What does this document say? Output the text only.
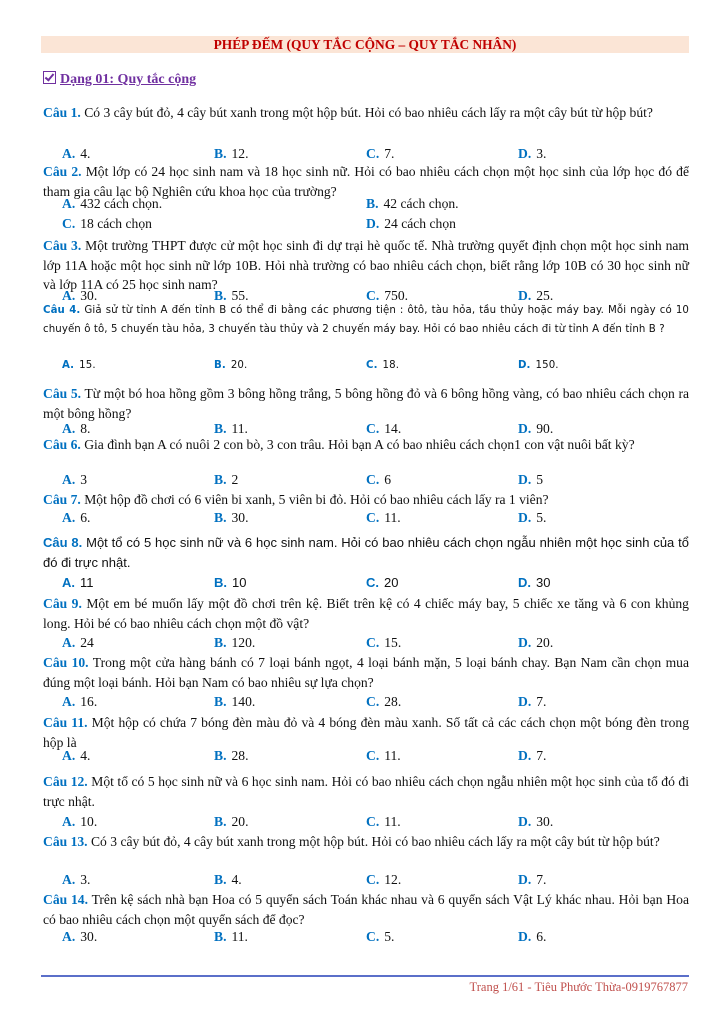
PHÉP ĐẾM (QUY TẮC CỘNG – QUY TẮC NHÂN)
Dạng 01: Quy tắc cộng
Câu 1. Có 3 cây bút đỏ, 4 cây bút xanh trong một hộp bút. Hỏi có bao nhiêu cách lấy ra một cây bút từ hộp bút?
A. 4.	B. 12.	C. 7.	D. 3.
Câu 2. Một lớp có 24 học sinh nam và 18 học sinh nữ. Hỏi có bao nhiêu cách chọn một học sinh của lớp học đó để tham gia câu lạc bộ Nghiên cứu khoa học của trường?
A. 432 cách chọn.	B. 42 cách chọn.
C. 18 cách chọn	D. 24 cách chọn
Câu 3. Một trường THPT được cử một học sinh đi dự trại hè quốc tế. Nhà trường quyết định chọn một học sinh nam lớp 11A hoặc một học sinh nữ lớp 10B. Hỏi nhà trường có bao nhiêu cách chọn, biết rằng lớp 10B có 30 học sinh nữ và lớp 11A có 25 học sinh nam?
A. 30.	B. 55.	C. 750.	D. 25.
Câu 4. Giả sử từ tỉnh A đến tỉnh B có thể đi bằng các phương tiện : ôtô, tàu hỏa, tầu thủy hoặc máy bay. Mỗi ngày có 10 chuyến ô tô, 5 chuyến tàu hỏa, 3 chuyến tàu thủy và 2 chuyến máy bay. Hỏi có bao nhiêu cách đi từ tỉnh A đến tỉnh B ?
A. 15.	B. 20.	C. 18.	D. 150.
Câu 5. Từ một bó hoa hồng gồm 3 bông hồng trắng, 5 bông hồng đỏ và 6 bông hồng vàng, có bao nhiêu cách chọn ra một bông hồng?
A. 8.	B. 11.	C. 14.	D. 90.
Câu 6. Gia đình bạn A có nuôi 2 con bò, 3 con trâu. Hỏi bạn A có bao nhiêu cách chọn1 con vật nuôi bất kỳ?
A. 3	B. 2	C. 6	D. 5
Câu 7. Một hộp đồ chơi có 6 viên bi xanh, 5 viên bi đỏ. Hỏi có bao nhiêu cách lấy ra 1 viên?
A. 6.	B. 30.	C. 11.	D. 5.
Câu 8. Một tổ có 5 học sinh nữ và 6 học sinh nam. Hỏi có bao nhiêu cách chọn ngẫu nhiên một học sinh của tổ đó đi trực nhật.
A. 11	B. 10	C. 20	D. 30
Câu 9. Một em bé muốn lấy một đồ chơi trên kệ. Biết trên kệ có 4 chiếc máy bay, 5 chiếc xe tăng và 6 con khủng long. Hỏi bé có bao nhiêu cách chọn một đồ vật?
A. 24	B. 120.	C. 15.	D. 20.
Câu 10. Trong một cửa hàng bánh có 7 loại bánh ngọt, 4 loại bánh mặn, 5 loại bánh chay. Bạn Nam cần chọn mua đúng một loại bánh. Hỏi bạn Nam có bao nhiêu sự lựa chọn?
A. 16.	B. 140.	C. 28.	D. 7.
Câu 11. Một hộp có chứa 7 bóng đèn màu đỏ và 4 bóng đèn màu xanh. Số tất cả các cách chọn một bóng đèn trong hộp là
A. 4.	B. 28.	C. 11.	D. 7.
Câu 12. Một tổ có 5 học sinh nữ và 6 học sinh nam. Hỏi có bao nhiêu cách chọn ngẫu nhiên một học sinh của tổ đó đi trực nhật.
A. 10.	B. 20.	C. 11.	D. 30.
Câu 13. Có 3 cây bút đỏ, 4 cây bút xanh trong một hộp bút. Hỏi có bao nhiêu cách lấy ra một cây bút từ hộp bút?
A. 3.	B. 4.	C. 12.	D. 7.
Câu 14. Trên kệ sách nhà bạn Hoa có 5 quyển sách Toán khác nhau và 6 quyển sách Vật Lý khác nhau. Hỏi bạn Hoa có bao nhiêu cách chọn một quyển sách để đọc?
A. 30.	B. 11.	C. 5.	D. 6.
Trang 1/61 - Tiêu Phước Thừa-0919767877
